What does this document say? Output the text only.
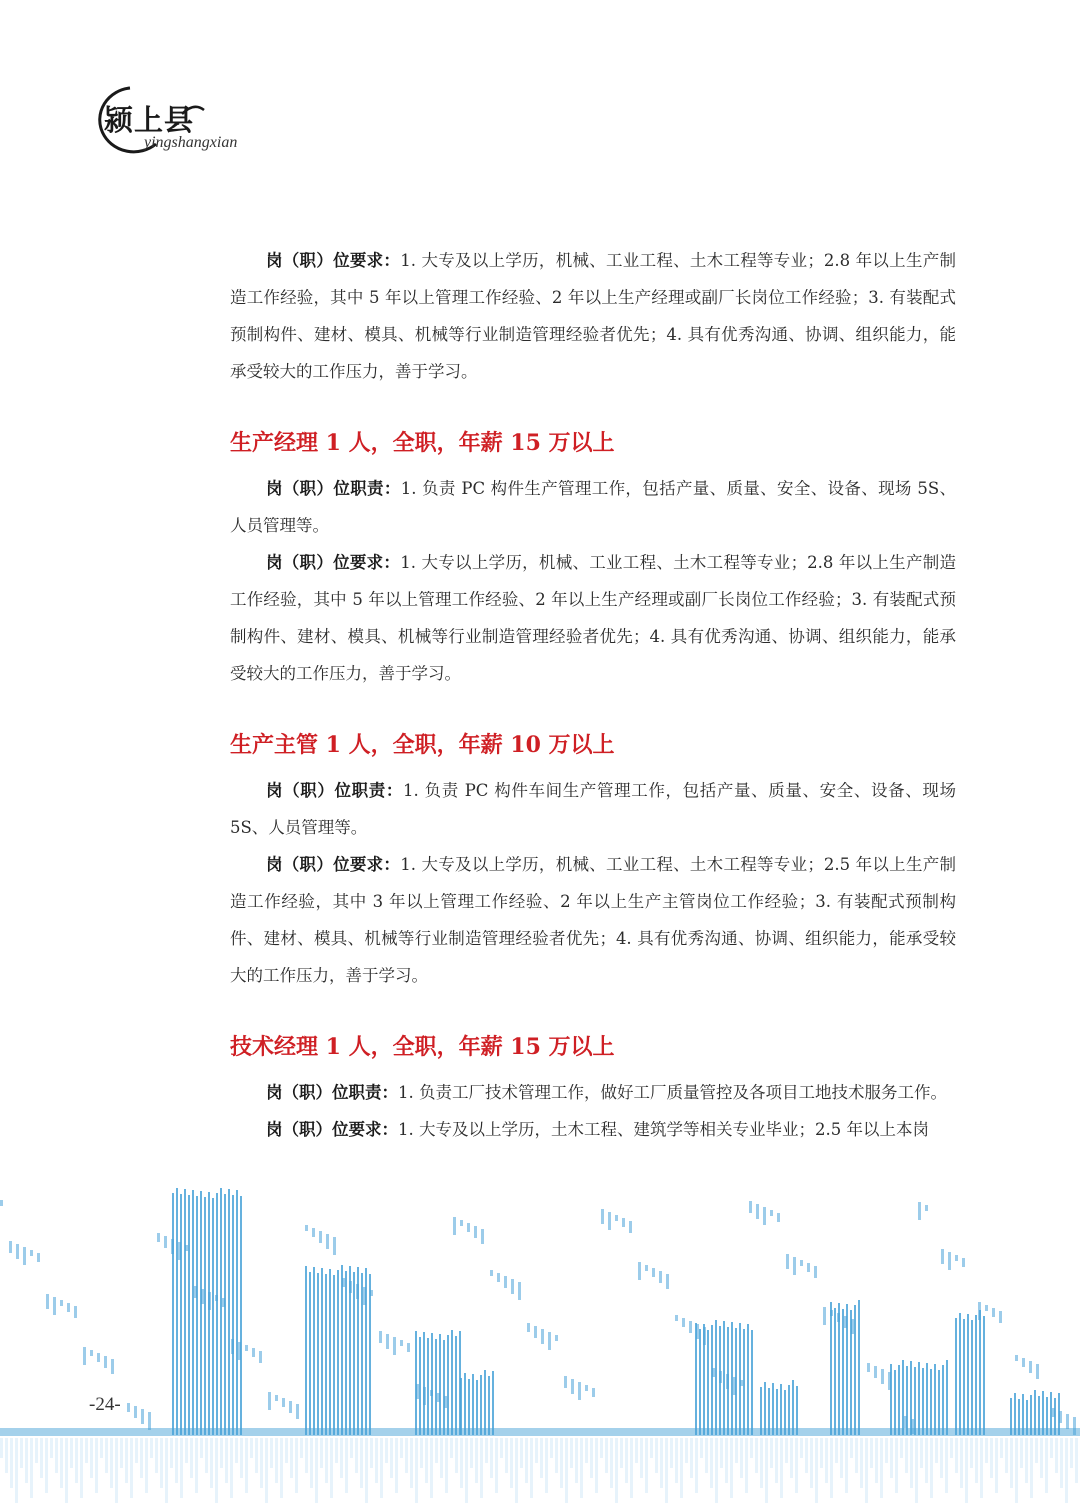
颍上县
yingshangxian

岗（职）位要求：1. 大专及以上学历，机械、工业工程、土木工程等专业；2.8 年以上生产制造工作经验，其中 5 年以上管理工作经验、2 年以上生产经理或副厂长岗位工作经验；3. 有装配式预制构件、建材、模具、机械等行业制造管理经验者优先；4. 具有优秀沟通、协调、组织能力，能承受较大的工作压力，善于学习。

生产经理 1 人，全职，年薪 15 万以上

岗（职）位职责：1. 负责 PC 构件生产管理工作，包括产量、质量、安全、设备、现场 5S、人员管理等。

岗（职）位要求：1. 大专以上学历，机械、工业工程、土木工程等专业；2.8 年以上生产制造工作经验，其中 5 年以上管理工作经验、2 年以上生产经理或副厂长岗位工作经验；3. 有装配式预制构件、建材、模具、机械等行业制造管理经验者优先；4. 具有优秀沟通、协调、组织能力，能承受较大的工作压力，善于学习。

生产主管 1 人，全职，年薪 10 万以上

岗（职）位职责：1. 负责 PC 构件车间生产管理工作，包括产量、质量、安全、设备、现场 5S、人员管理等。

岗（职）位要求：1. 大专及以上学历，机械、工业工程、土木工程等专业；2.5 年以上生产制造工作经验，其中 3 年以上管理工作经验、2 年以上生产主管岗位工作经验；3. 有装配式预制构件、建材、模具、机械等行业制造管理经验者优先；4. 具有优秀沟通、协调、组织能力，能承受较大的工作压力，善于学习。

技术经理 1 人，全职，年薪 15 万以上

岗（职）位职责：1. 负责工厂技术管理工作，做好工厂质量管控及各项目工地技术服务工作。

岗（职）位要求：1. 大专及以上学历，土木工程、建筑学等相关专业毕业；2.5 年以上本岗

-24-
